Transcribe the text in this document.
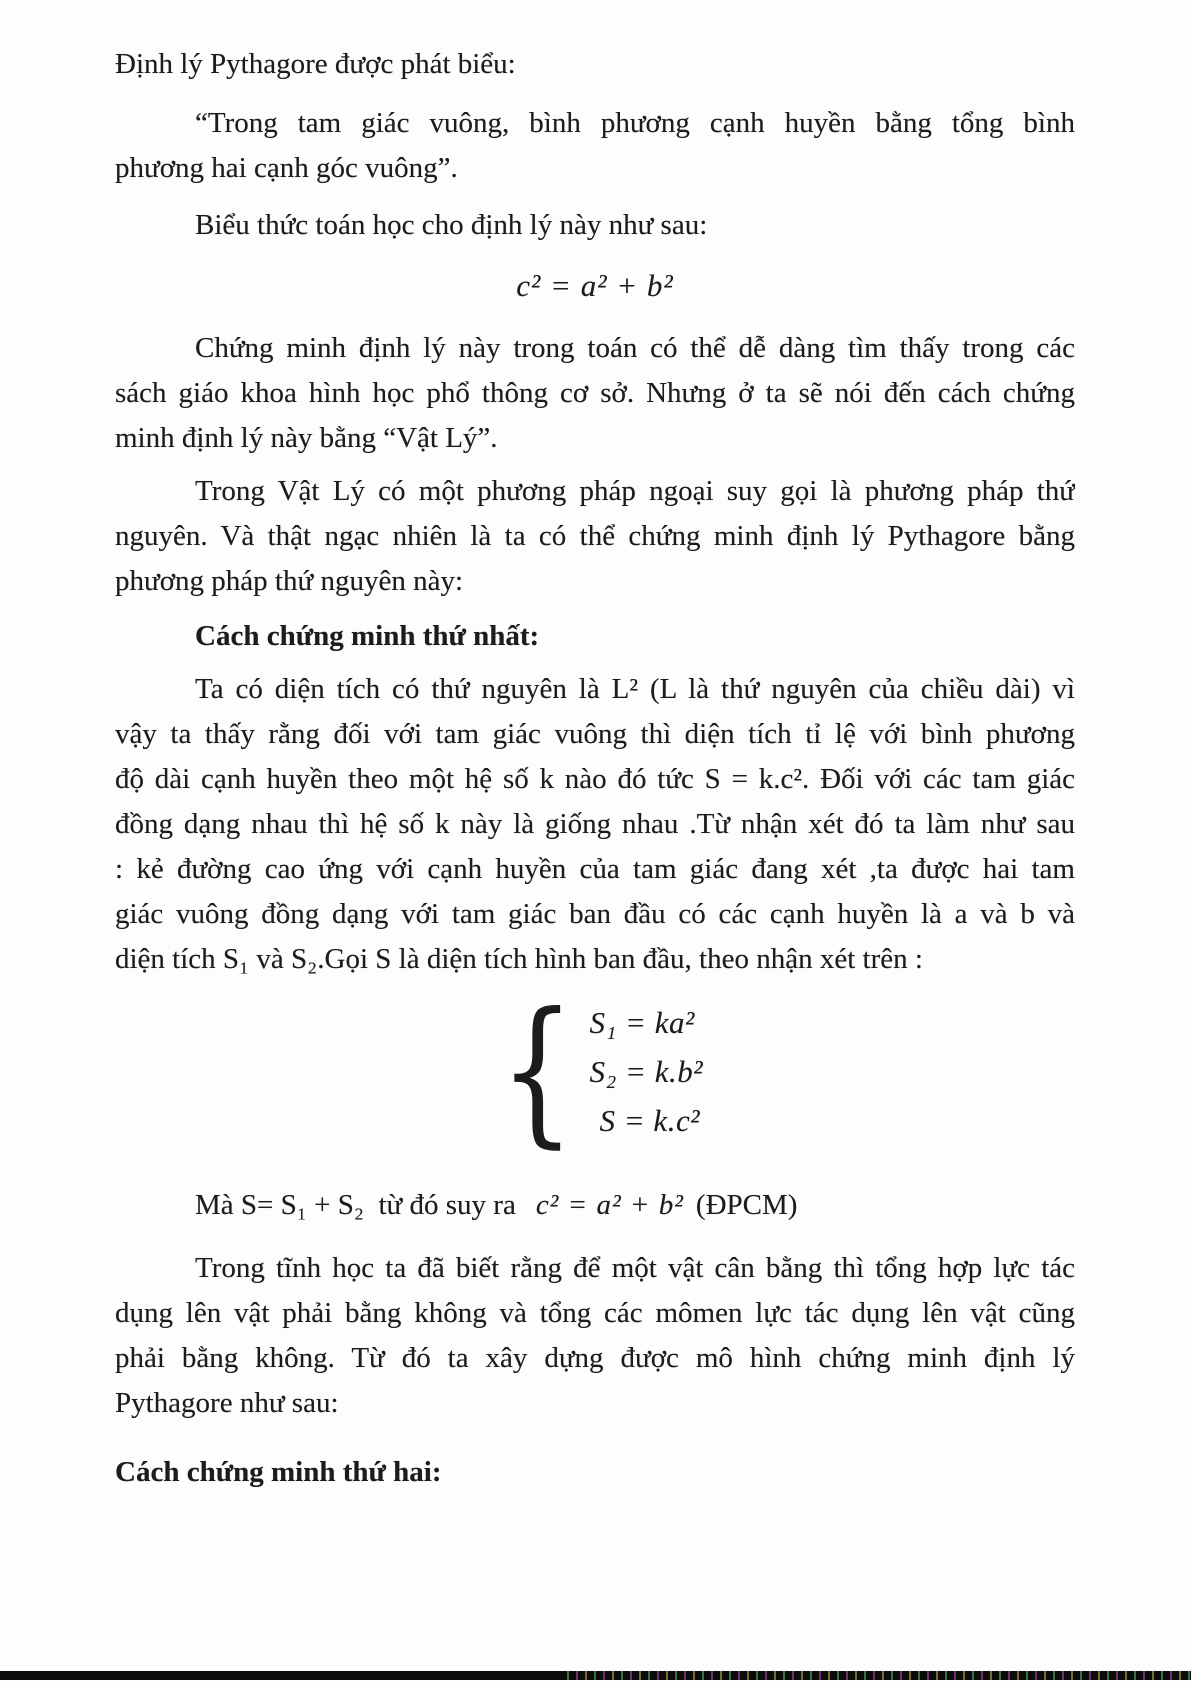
Định lý Pythagore được phát biểu:
“Trong tam giác vuông, bình phương cạnh huyền bằng tổng bình
phương hai cạnh góc vuông”.
Biểu thức toán học cho định lý này như sau:
c² = a² + b²
Chứng minh định lý này trong toán có thể dễ dàng tìm thấy trong các
sách giáo khoa hình học phổ thông cơ sở. Nhưng ở ta sẽ nói đến cách chứng
minh định lý này bằng “Vật Lý”.
Trong Vật Lý có một phương pháp ngoại suy gọi là phương pháp thứ
nguyên. Và thật ngạc nhiên là ta có thể chứng minh định lý Pythagore bằng
phương pháp thứ nguyên này:
Cách chứng minh thứ nhất:
Ta có diện tích có thứ nguyên là L² (L là thứ nguyên của chiều dài) vì
vậy ta thấy rằng đối với tam giác vuông thì diện tích tỉ lệ với bình phương
độ dài cạnh huyền theo một hệ số k nào đó tức S = k.c². Đối với các tam giác
đồng dạng nhau thì hệ số k này là giống nhau .Từ nhận xét đó ta làm như sau
: kẻ đường cao ứng với cạnh huyền của tam giác đang xét ,ta được hai tam
giác vuông đồng dạng với tam giác ban đầu có các cạnh huyền là a và b và
diện tích S₁ và S₂.Gọi S là diện tích hình ban đầu, theo nhận xét trên :
{ S₁ = ka²
S₂ = k.b²
S = k.c²
Mà S= S₁ + S₂  từ đó suy ra c² = a² + b² (ĐPCM)
Trong tĩnh học ta đã biết rằng để một vật cân bằng thì tổng hợp lực tác
dụng lên vật phải bằng không và tổng các mômen lực tác dụng lên vật cũng
phải bằng không. Từ đó ta xây dựng được mô hình chứng minh định lý
Pythagore như sau:
Cách chứng minh thứ hai:
